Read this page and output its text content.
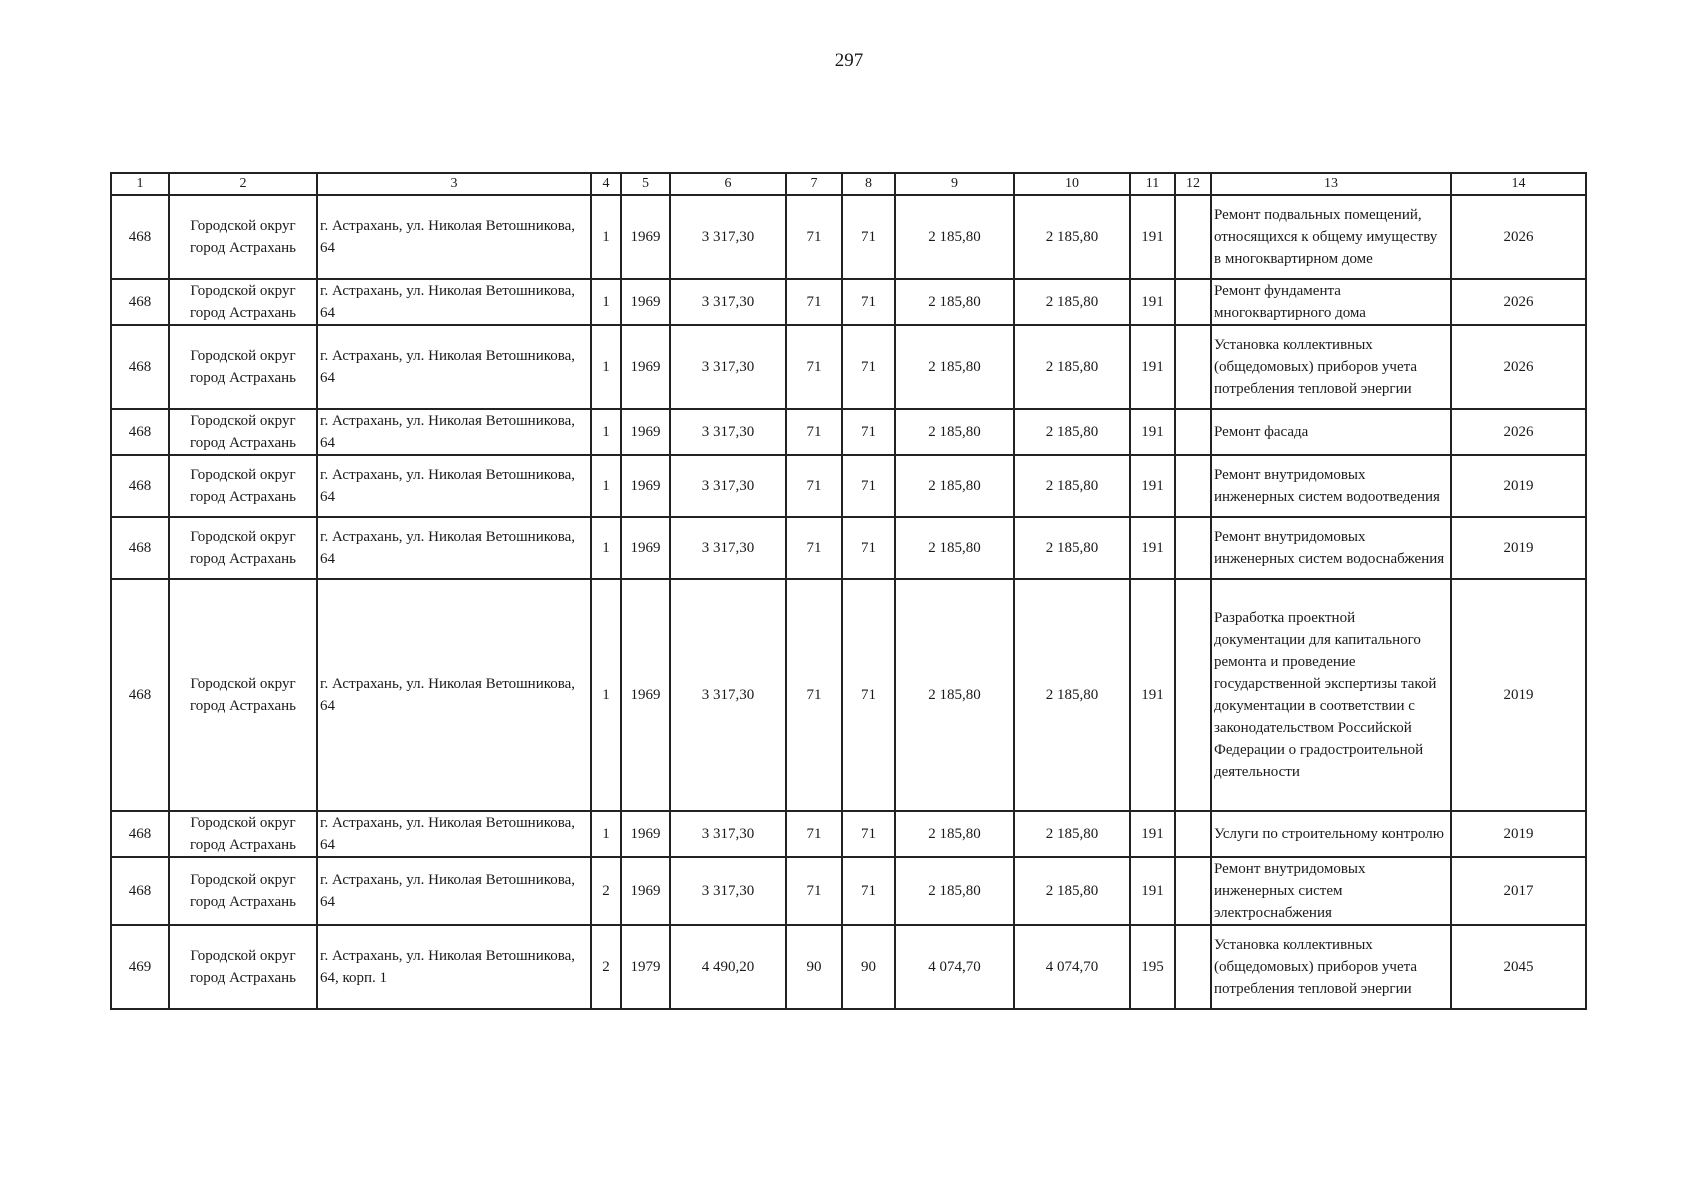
297
1	2	3	4	5	6	7	8	9	10	11	12	13	14
468	Городской округ город Астрахань	г. Астрахань, ул. Николая Ветошникова, 64	1	1969	3 317,30	71	71	2 185,80	2 185,80	191		Ремонт подвальных помещений, относящихся к общему имуществу в многоквартирном доме	2026
468	Городской округ город Астрахань	г. Астрахань, ул. Николая Ветошникова, 64	1	1969	3 317,30	71	71	2 185,80	2 185,80	191		Ремонт фундамента многоквартирного дома	2026
468	Городской округ город Астрахань	г. Астрахань, ул. Николая Ветошникова, 64	1	1969	3 317,30	71	71	2 185,80	2 185,80	191		Установка коллективных (общедомовых) приборов учета потребления тепловой энергии	2026
468	Городской округ город Астрахань	г. Астрахань, ул. Николая Ветошникова, 64	1	1969	3 317,30	71	71	2 185,80	2 185,80	191		Ремонт фасада	2026
468	Городской округ город Астрахань	г. Астрахань, ул. Николая Ветошникова, 64	1	1969	3 317,30	71	71	2 185,80	2 185,80	191		Ремонт внутридомовых инженерных систем водоотведения	2019
468	Городской округ город Астрахань	г. Астрахань, ул. Николая Ветошникова, 64	1	1969	3 317,30	71	71	2 185,80	2 185,80	191		Ремонт внутридомовых инженерных систем водоснабжения	2019
468	Городской округ город Астрахань	г. Астрахань, ул. Николая Ветошникова, 64	1	1969	3 317,30	71	71	2 185,80	2 185,80	191		Разработка проектной документации для капитального ремонта и проведение государственной экспертизы такой документации в соответствии с законодательством Российской Федерации о градостроительной деятельности	2019
468	Городской округ город Астрахань	г. Астрахань, ул. Николая Ветошникова, 64	1	1969	3 317,30	71	71	2 185,80	2 185,80	191		Услуги по строительному контролю	2019
468	Городской округ город Астрахань	г. Астрахань, ул. Николая Ветошникова, 64	2	1969	3 317,30	71	71	2 185,80	2 185,80	191		Ремонт внутридомовых инженерных систем электроснабжения	2017
469	Городской округ город Астрахань	г. Астрахань, ул. Николая Ветошникова, 64, корп. 1	2	1979	4 490,20	90	90	4 074,70	4 074,70	195		Установка коллективных (общедомовых) приборов учета потребления тепловой энергии	2045
